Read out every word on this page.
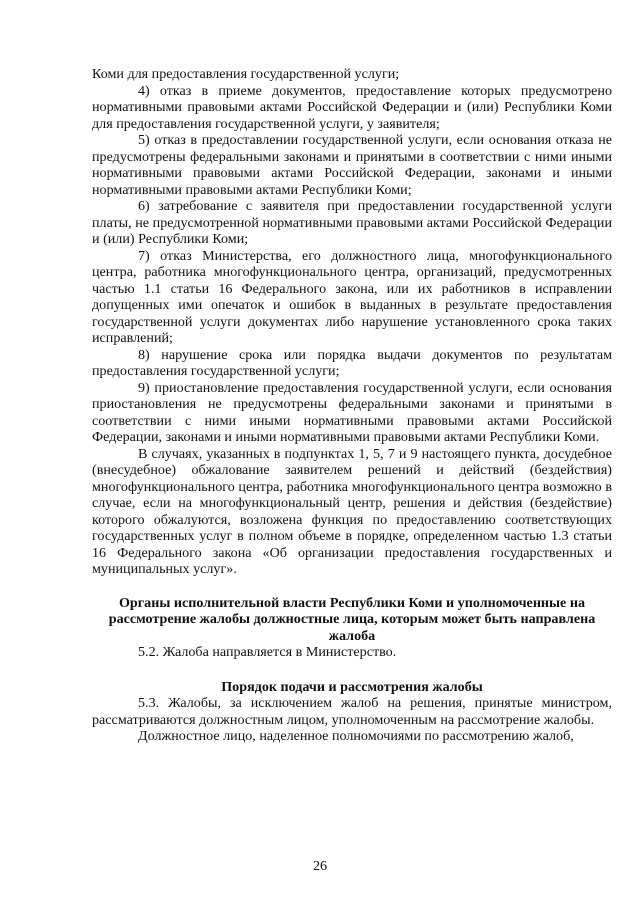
Коми для предоставления государственной услуги;

4) отказ в приеме документов, предоставление которых предусмотрено нормативными правовыми актами Российской Федерации и (или) Республики Коми для предоставления государственной услуги, у заявителя;

5) отказ в предоставлении государственной услуги, если основания отказа не предусмотрены федеральными законами и принятыми в соответствии с ними иными нормативными правовыми актами Российской Федерации, законами и иными нормативными правовыми актами Республики Коми;

6) затребование с заявителя при предоставлении государственной услуги платы, не предусмотренной нормативными правовыми актами Российской Федерации и (или) Республики Коми;

7) отказ Министерства, его должностного лица, многофункционального центра, работника многофункционального центра, организаций, предусмотренных частью 1.1 статьи 16 Федерального закона, или их работников в исправлении допущенных ими опечаток и ошибок в выданных в результате предоставления государственной услуги документах либо нарушение установленного срока таких исправлений;

8) нарушение срока или порядка выдачи документов по результатам предоставления государственной услуги;

9) приостановление предоставления государственной услуги, если основания приостановления не предусмотрены федеральными законами и принятыми в соответствии с ними иными нормативными правовыми актами Российской Федерации, законами и иными нормативными правовыми актами Республики Коми.

В случаях, указанных в подпунктах 1, 5, 7 и 9 настоящего пункта, досудебное (внесудебное) обжалование заявителем решений и действий (бездействия) многофункционального центра, работника многофункционального центра возможно в случае, если на многофункциональный центр, решения и действия (бездействие) которого обжалуются, возложена функция по предоставлению соответствующих государственных услуг в полном объеме в порядке, определенном частью 1.3 статьи 16 Федерального закона «Об организации предоставления государственных и муниципальных услуг».

Органы исполнительной власти Республики Коми и уполномоченные на рассмотрение жалобы должностные лица, которым может быть направлена жалоба

5.2. Жалоба направляется в Министерство.

Порядок подачи и рассмотрения жалобы

5.3. Жалобы, за исключением жалоб на решения, принятые министром, рассматриваются должностным лицом, уполномоченным на рассмотрение жалобы.

Должностное лицо, наделенное полномочиями по рассмотрению жалоб,

26
